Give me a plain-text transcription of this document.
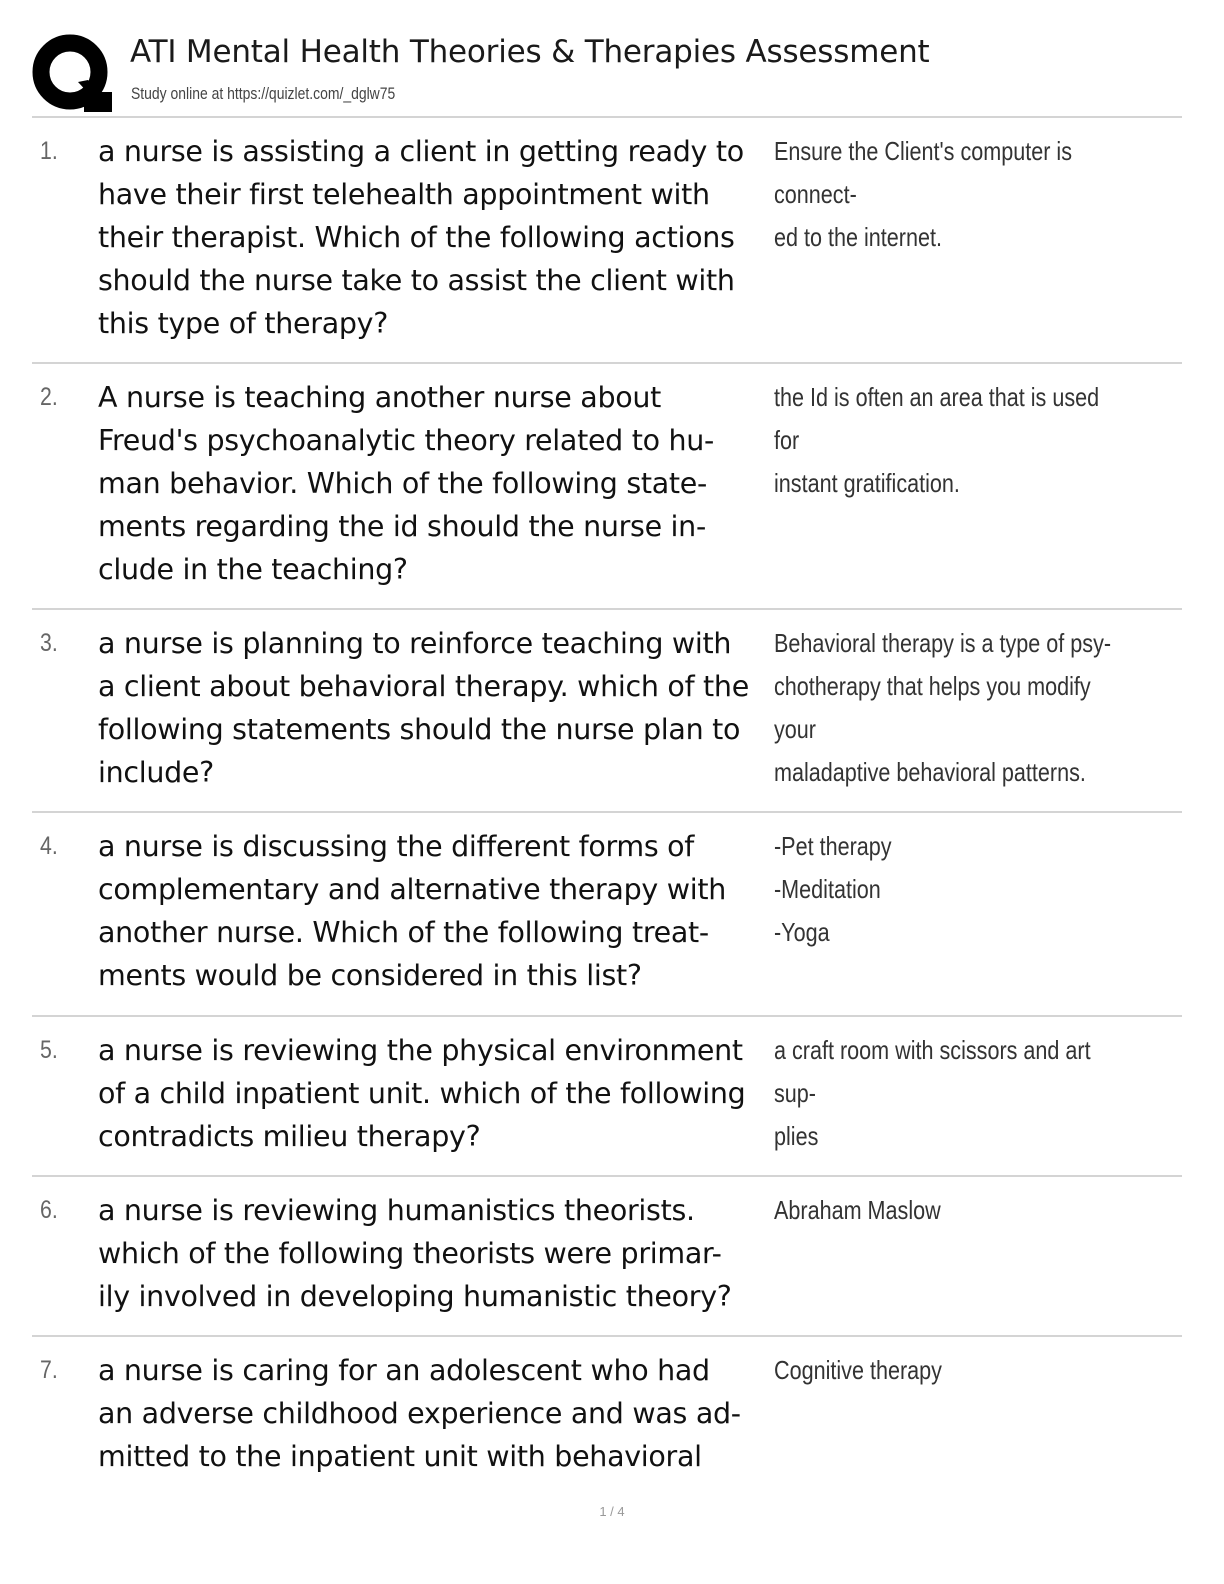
ATI Mental Health Theories & Therapies Assessment
Study online at https://quizlet.com/_dglw75
1. a nurse is assisting a client in getting ready to
have their first telehealth appointment with
their therapist. Which of the following actions
should the nurse take to assist the client with
this type of therapy?
Ensure the Client's computer is connect-
ed to the internet.
2. A nurse is teaching another nurse about
Freud's psychoanalytic theory related to hu-
man behavior. Which of the following state-
ments regarding the id should the nurse in-
clude in the teaching?
the Id is often an area that is used for
instant gratification.
3. a nurse is planning to reinforce teaching with
a client about behavioral therapy. which of the
following statements should the nurse plan to
include?
Behavioral therapy is a type of psy-
chotherapy that helps you modify your
maladaptive behavioral patterns.
4. a nurse is discussing the different forms of
complementary and alternative therapy with
another nurse. Which of the following treat-
ments would be considered in this list?
-Pet therapy
-Meditation
-Yoga
5. a nurse is reviewing the physical environment
of a child inpatient unit. which of the following
contradicts milieu therapy?
a craft room with scissors and art sup-
plies
6. a nurse is reviewing humanistics theorists.
which of the following theorists were primar-
ily involved in developing humanistic theory?
Abraham Maslow
7. a nurse is caring for an adolescent who had
an adverse childhood experience and was ad-
mitted to the inpatient unit with behavioral
Cognitive therapy
1 / 4
